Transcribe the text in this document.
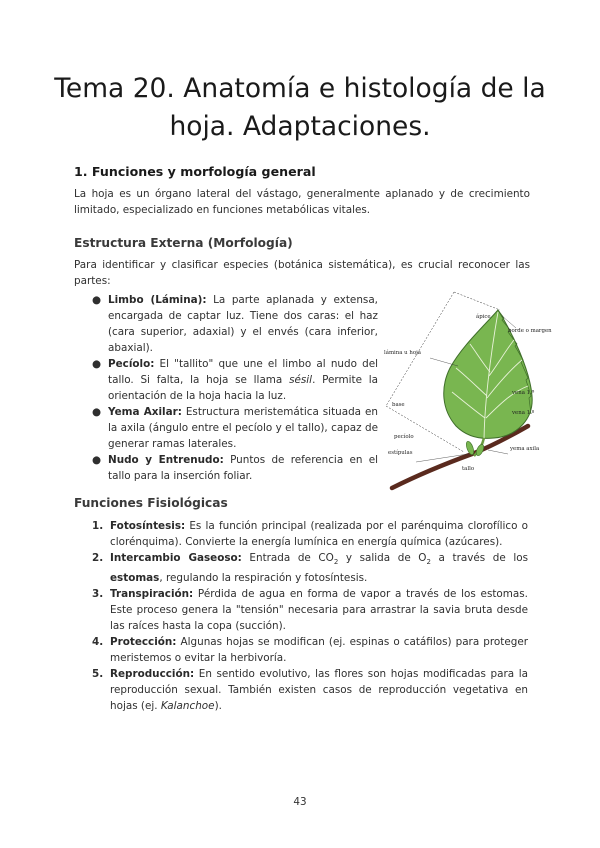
Tema 20. Anatomía e histología de la hoja. Adaptaciones.
1. Funciones y morfología general

La hoja es un órgano lateral del vástago, generalmente aplanado y de crecimiento limitado, especializado en funciones metabólicas vitales.

Estructura Externa (Morfología)

Para identificar y clasificar especies (botánica sistemática), es crucial reconocer las partes:

● Limbo (Lámina): La parte aplanada y extensa, encargada de captar luz. Tiene dos caras: el haz (cara superior, adaxial) y el envés (cara inferior, abaxial).
● Pecíolo: El "tallito" que une el limbo al nudo del tallo. Si falta, la hoja se llama sésil. Permite la orientación de la hoja hacia la luz.
● Yema Axilar: Estructura meristemática situada en la axila (ángulo entre el pecíolo y el tallo), capaz de generar ramas laterales.
● Nudo y Entrenudo: Puntos de referencia en el tallo para la inserción foliar.
ápice
lámina u hoja
borde o margen
base
vena 1.ª
vena 1.º
pecíolo
estípulas
yema axila
tallo
Funciones Fisiológicas
1. Fotosíntesis: Es la función principal (realizada por el parénquima clorofílico o clorénquima). Convierte la energía lumínica en energía química (azúcares).
2. Intercambio Gaseoso: Entrada de $CO_2$ y salida de $O_2$ a través de los estomas, regulando la respiración y fotosíntesis.
3. Transpiración: Pérdida de agua en forma de vapor a través de los estomas. Este proceso genera la "tensión" necesaria para arrastrar la savia bruta desde las raíces hasta la copa (succión).
4. Protección: Algunas hojas se modifican (ej. espinas o catáfilos) para proteger meristemos o evitar la herbivoría.
5. Reproducción: En sentido evolutivo, las flores son hojas modificadas para la reproducción sexual. También existen casos de reproducción vegetativa en hojas (ej. Kalanchoe).

43
